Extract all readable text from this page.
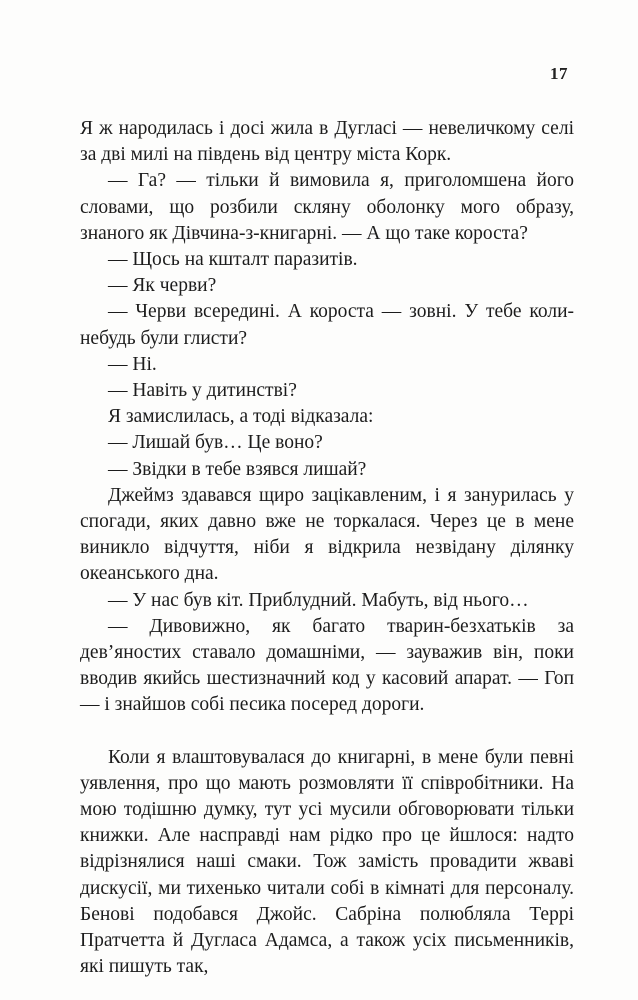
17

Я ж народилась і досі жила в Дугласі — невеличкому селі за дві милі на південь від центру міста Корк.

— Га? — тільки й вимовила я, приголомшена його словами, що розбили скляну оболонку мого образу, знаного як Дівчина-з-книгарні. — А що таке короста?

— Щось на кшталт паразитів.

— Як черви?

— Черви всередині. А короста — зовні. У тебе коли-небудь були глисти?

— Ні.

— Навіть у дитинстві?

Я замислилась, а тоді відказала:

— Лишай був… Це воно?

— Звідки в тебе взявся лишай?

Джеймз здавався щиро зацікавленим, і я занурилась у спогади, яких давно вже не торкалася. Через це в мене виникло відчуття, ніби я відкрила незвідану ділянку океанського дна.

— У нас був кіт. Приблудний. Мабуть, від нього…

— Дивовижно, як багато тварин-безхатьків за дев’яностих ставало домашніми, — зауважив він, поки вводив якийсь шестизначний код у касовий апарат. — Гоп — і знайшов собі песика посеред дороги.

Коли я влаштовувалася до книгарні, в мене були певні уявлення, про що мають розмовляти її співробітники. На мою тодішню думку, тут усі мусили обговорювати тільки книжки. Але насправді нам рідко про це йшлося: надто відрізнялися наші смаки. Тож замість провадити жваві дискусії, ми тихенько читали собі в кімнаті для персоналу. Бенові подобався Джойс. Сабріна полюбляла Террі Пратчетта й Дугласа Адамса, а також усіх письменників, які пишуть так,
